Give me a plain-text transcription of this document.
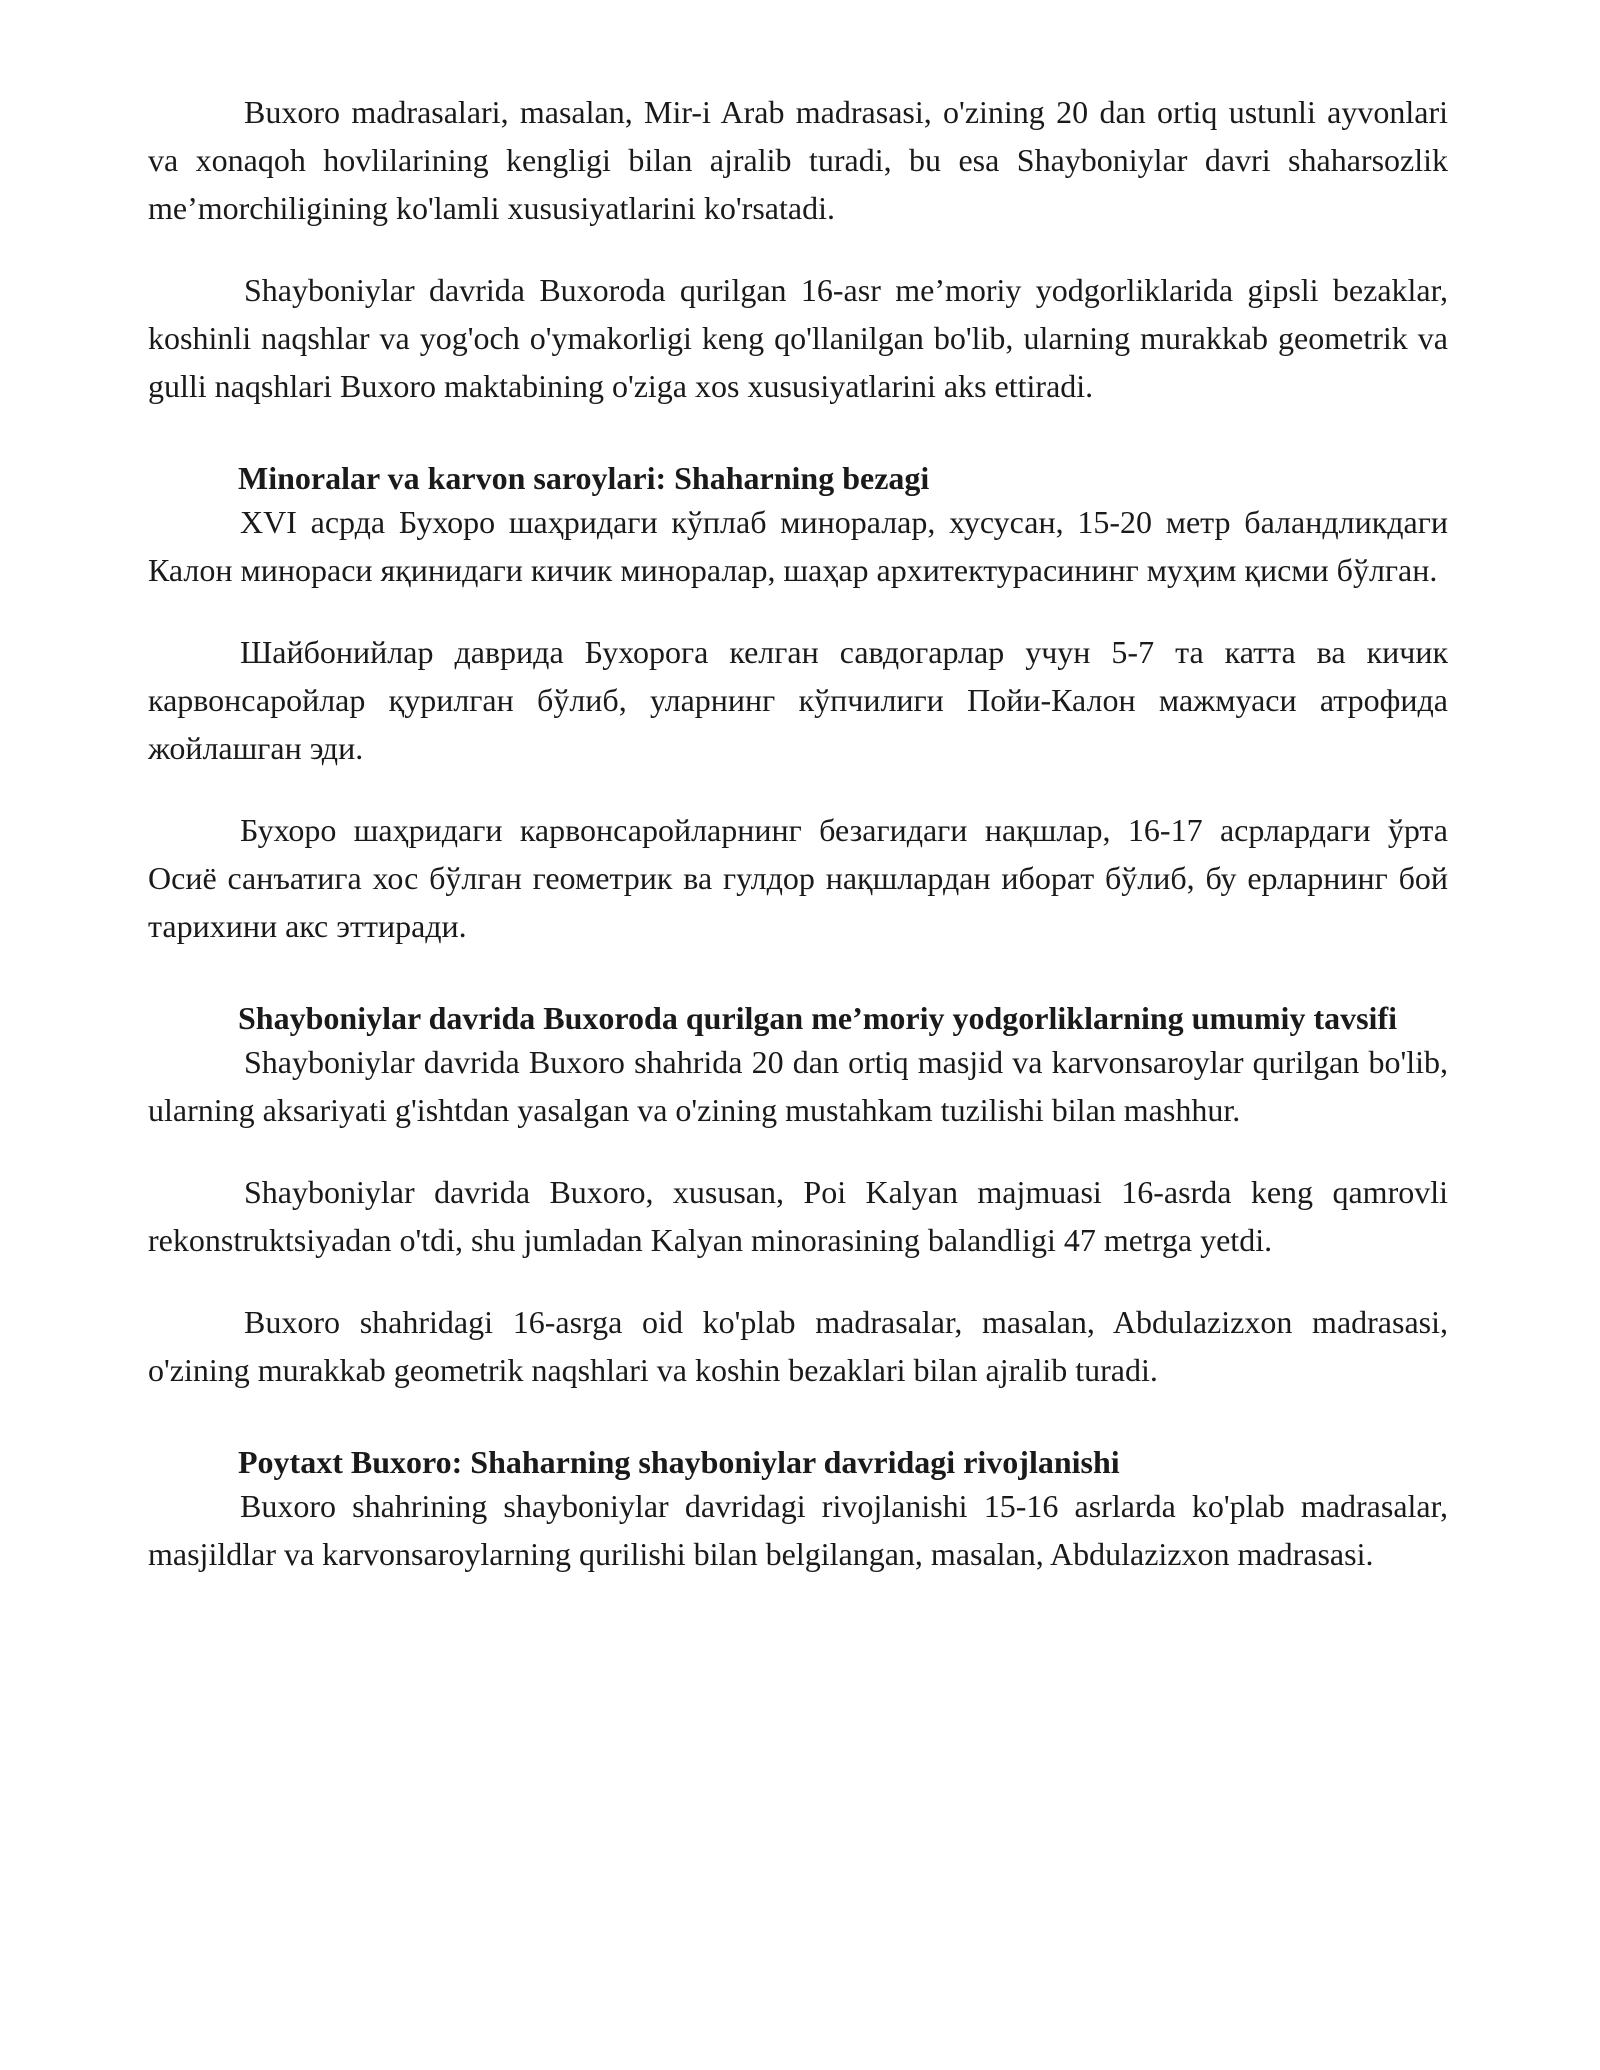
Buxoro madrasalari, masalan, Mir-i Arab madrasasi, o'zining 20 dan ortiq ustunli ayvonlari va xonaqoh hovlilarining kengligi bilan ajralib turadi, bu esa Shayboniylar davri shaharsozlik me’morchiligining ko'lamli xususiyatlarini ko'rsatadi.

Shayboniylar davrida Buxoroda qurilgan 16-asr me’moriy yodgorliklarida gipsli bezaklar, koshinli naqshlar va yog'och o'ymakorligi keng qo'llanilgan bo'lib, ularning murakkab geometrik va gulli naqshlari Buxoro maktabining o'ziga xos xususiyatlarini aks ettiradi.

Minoralar va karvon saroylari: Shaharning bezagi

XVI асрда Бухоро шаҳридаги кўплаб миноралар, хусусан, 15-20 метр баландликдаги Калон минораси яқинидаги кичик миноралар, шаҳар архитектурасининг муҳим қисми бўлган.

Шайбонийлар даврида Бухорога келган савдогарлар учун 5-7 та катта ва кичик карвонсаройлар қурилган бўлиб, уларнинг кўпчилиги Пойи-Калон мажмуаси атрофида жойлашган эди.

Бухоро шаҳридаги карвонсаройларнинг безагидаги нақшлар, 16-17 асрлардаги ўрта Осиё санъатига хос бўлган геометрик ва гулдор нақшлардан иборат бўлиб, бу ерларнинг бой тарихини акс эттиради.

Shayboniylar davrida Buxoroda qurilgan me’moriy yodgorliklarning umumiy tavsifi

Shayboniylar davrida Buxoro shahrida 20 dan ortiq masjid va karvonsaroylar qurilgan bo'lib, ularning aksariyati g'ishtdan yasalgan va o'zining mustahkam tuzilishi bilan mashhur.

Shayboniylar davrida Buxoro, xususan, Poi Kalyan majmuasi 16-asrda keng qamrovli rekonstruktsiyadan o'tdi, shu jumladan Kalyan minorasining balandligi 47 metrga yetdi.

Buxoro shahridagi 16-asrga oid ko'plab madrasalar, masalan, Abdulazizxon madrasasi, o'zining murakkab geometrik naqshlari va koshin bezaklari bilan ajralib turadi.

Poytaxt Buxoro: Shaharning shayboniylar davridagi rivojlanishi

Buxoro shahrining shayboniylar davridagi rivojlanishi 15-16 asrlarda ko'plab madrasalar, masjildlar va karvonsaroylarning qurilishi bilan belgilangan, masalan, Abdulazizxon madrasasi.
